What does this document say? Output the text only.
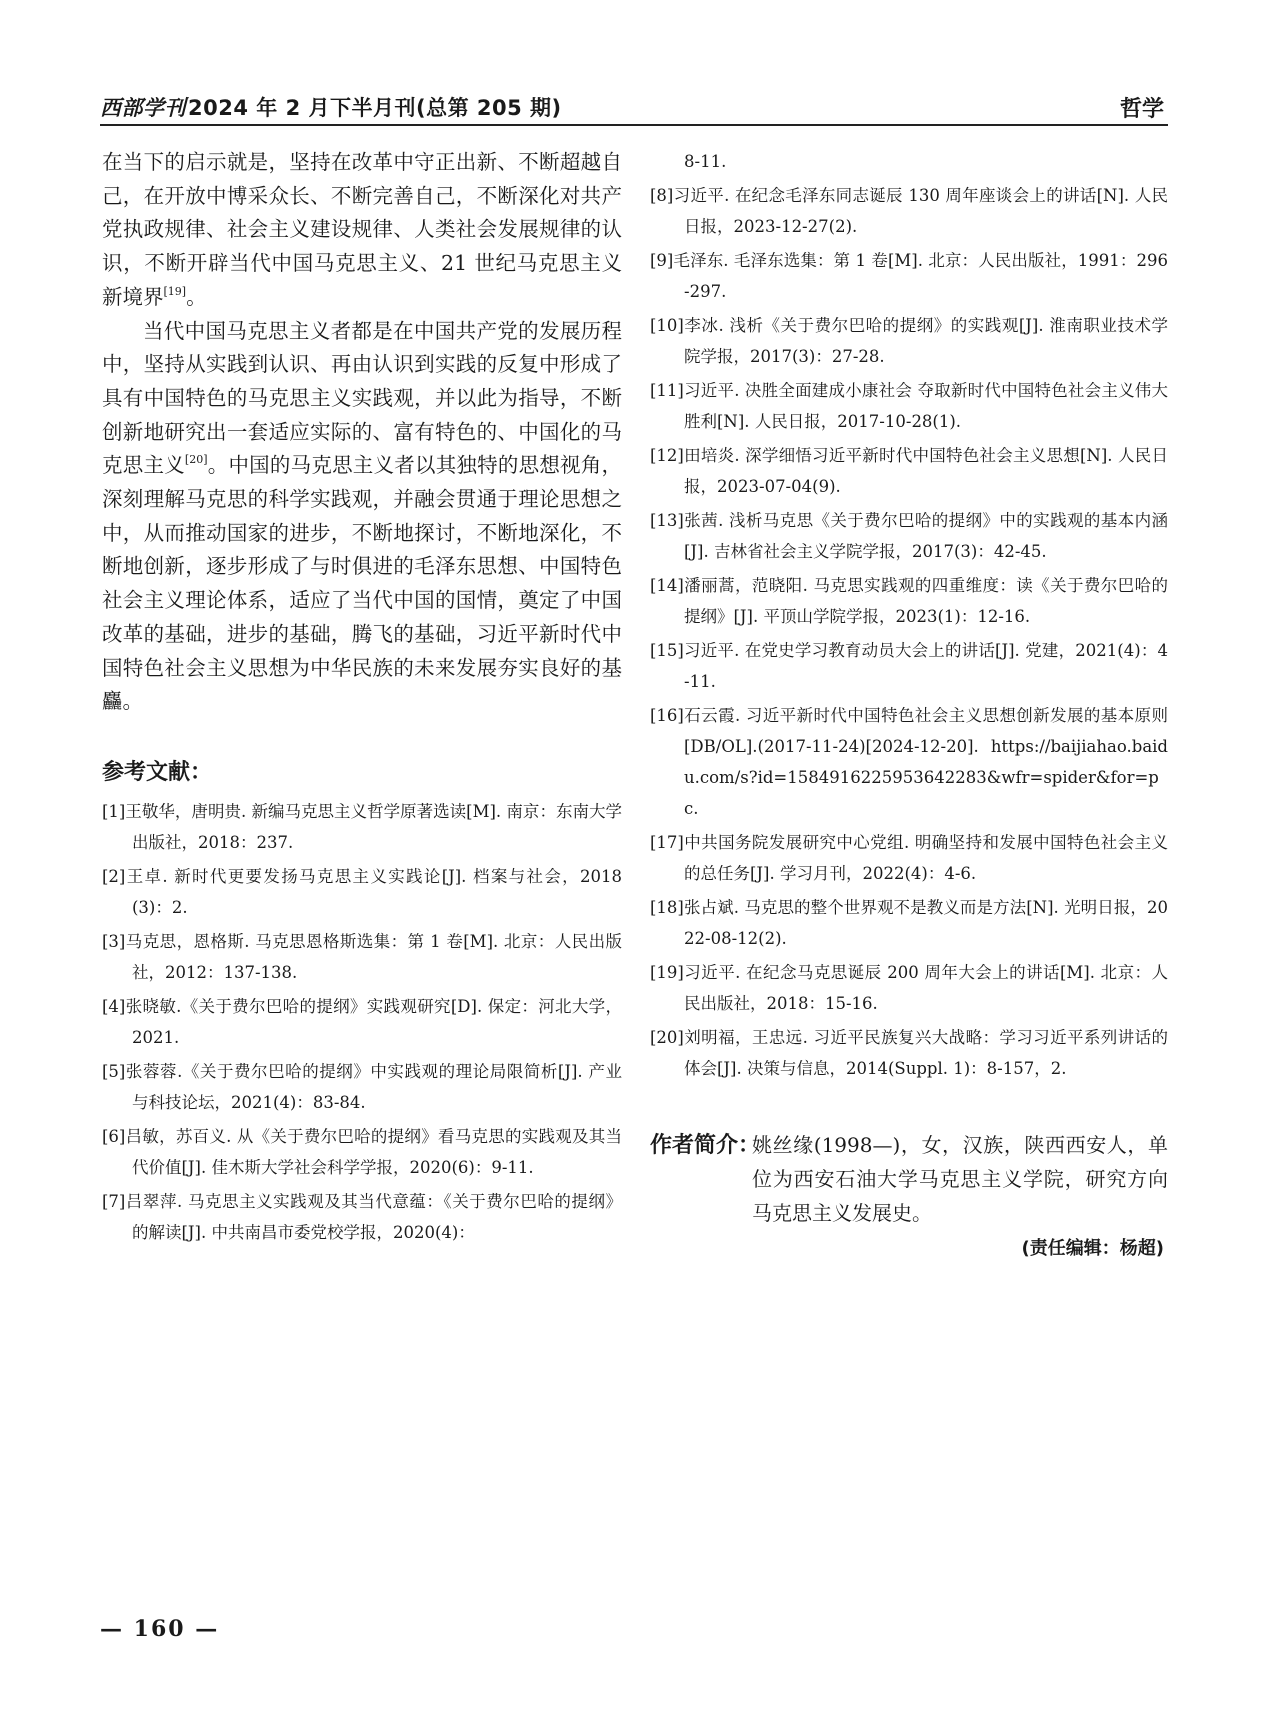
西部学刊2024 年 2 月下半月刊(总第 205 期)	哲学

在当下的启示就是，坚持在改革中守正出新、不断超越自己，在开放中博采众长、不断完善自己，不断深化对共产党执政规律、社会主义建设规律、人类社会发展规律的认识，不断开辟当代中国马克思主义、21 世纪马克思主义新境界[19]。

当代中国马克思主义者都是在中国共产党的发展历程中，坚持从实践到认识、再由认识到实践的反复中形成了具有中国特色的马克思主义实践观，并以此为指导，不断创新地研究出一套适应实际的、富有特色的、中国化的马克思主义[20]。中国的马克思主义者以其独特的思想视角，深刻理解马克思的科学实践观，并融会贯通于理论思想之中，从而推动国家的进步，不断地探讨，不断地深化，不断地创新，逐步形成了与时俱进的毛泽东思想、中国特色社会主义理论体系，适应了当代中国的国情，奠定了中国改革的基础，进步的基础，腾飞的基础，习近平新时代中国特色社会主义思想为中华民族的未来发展夯实良好的基麤。

参考文献：

[1]王敬华，唐明贵. 新编马克思主义哲学原著选读[M]. 南京：东南大学出版社，2018：237.

[2]王卓. 新时代更要发扬马克思主义实践论[J]. 档案与社会，2018(3)：2.

[3]马克思，恩格斯. 马克思恩格斯选集：第 1 卷[M]. 北京：人民出版社，2012：137-138.

[4]张晓敏.《关于费尔巴哈的提纲》实践观研究[D]. 保定：河北大学，2021.

[5]张蓉蓉.《关于费尔巴哈的提纲》中实践观的理论局限简析[J]. 产业与科技论坛，2021(4)：83-84.

[6]吕敏，苏百义. 从《关于费尔巴哈的提纲》看马克思的实践观及其当代价值[J]. 佳木斯大学社会科学学报，2020(6)：9-11.

[7]吕翠萍. 马克思主义实践观及其当代意蕴：《关于费尔巴哈的提纲》的解读[J]. 中共南昌市委党校学报，2020(4)：

8-11.

[8]习近平. 在纪念毛泽东同志诞辰 130 周年座谈会上的讲话[N]. 人民日报，2023-12-27(2).

[9]毛泽东. 毛泽东选集：第 1 卷[M]. 北京：人民出版社，1991：296-297.

[10]李冰. 浅析《关于费尔巴哈的提纲》的实践观[J]. 淮南职业技术学院学报，2017(3)：27-28.

[11]习近平. 决胜全面建成小康社会 夺取新时代中国特色社会主义伟大胜利[N]. 人民日报，2017-10-28(1).

[12]田培炎. 深学细悟习近平新时代中国特色社会主义思想[N]. 人民日报，2023-07-04(9).

[13]张茜. 浅析马克思《关于费尔巴哈的提纲》中的实践观的基本内涵[J]. 吉林省社会主义学院学报，2017(3)：42-45.

[14]潘丽蒿，范晓阳. 马克思实践观的四重维度：读《关于费尔巴哈的提纲》[J]. 平顶山学院学报，2023(1)：12-16.

[15]习近平. 在党史学习教育动员大会上的讲话[J]. 党建，2021(4)：4-11.

[16]石云霞. 习近平新时代中国特色社会主义思想创新发展的基本原则[DB/OL].(2017-11-24)[2024-12-20]. https://baijiahao.baidu.com/s?id=1584916225953642283&wfr=spider&for=pc.

[17]中共国务院发展研究中心党组. 明确坚持和发展中国特色社会主义的总任务[J]. 学习月刊，2022(4)：4-6.

[18]张占斌. 马克思的整个世界观不是教义而是方法[N]. 光明日报，2022-08-12(2).

[19]习近平. 在纪念马克思诞辰 200 周年大会上的讲话[M]. 北京：人民出版社，2018：15-16.

[20]刘明福，王忠远. 习近平民族复兴大战略：学习习近平系列讲话的体会[J]. 决策与信息，2014(Suppl. 1)：8-157，2.

作者简介：
姚丝缘(1998—)，女，汉族，陕西西安人，单位为西安石油大学马克思主义学院，研究方向马克思主义发展史。
(责任编辑：杨超)
— 160 —
